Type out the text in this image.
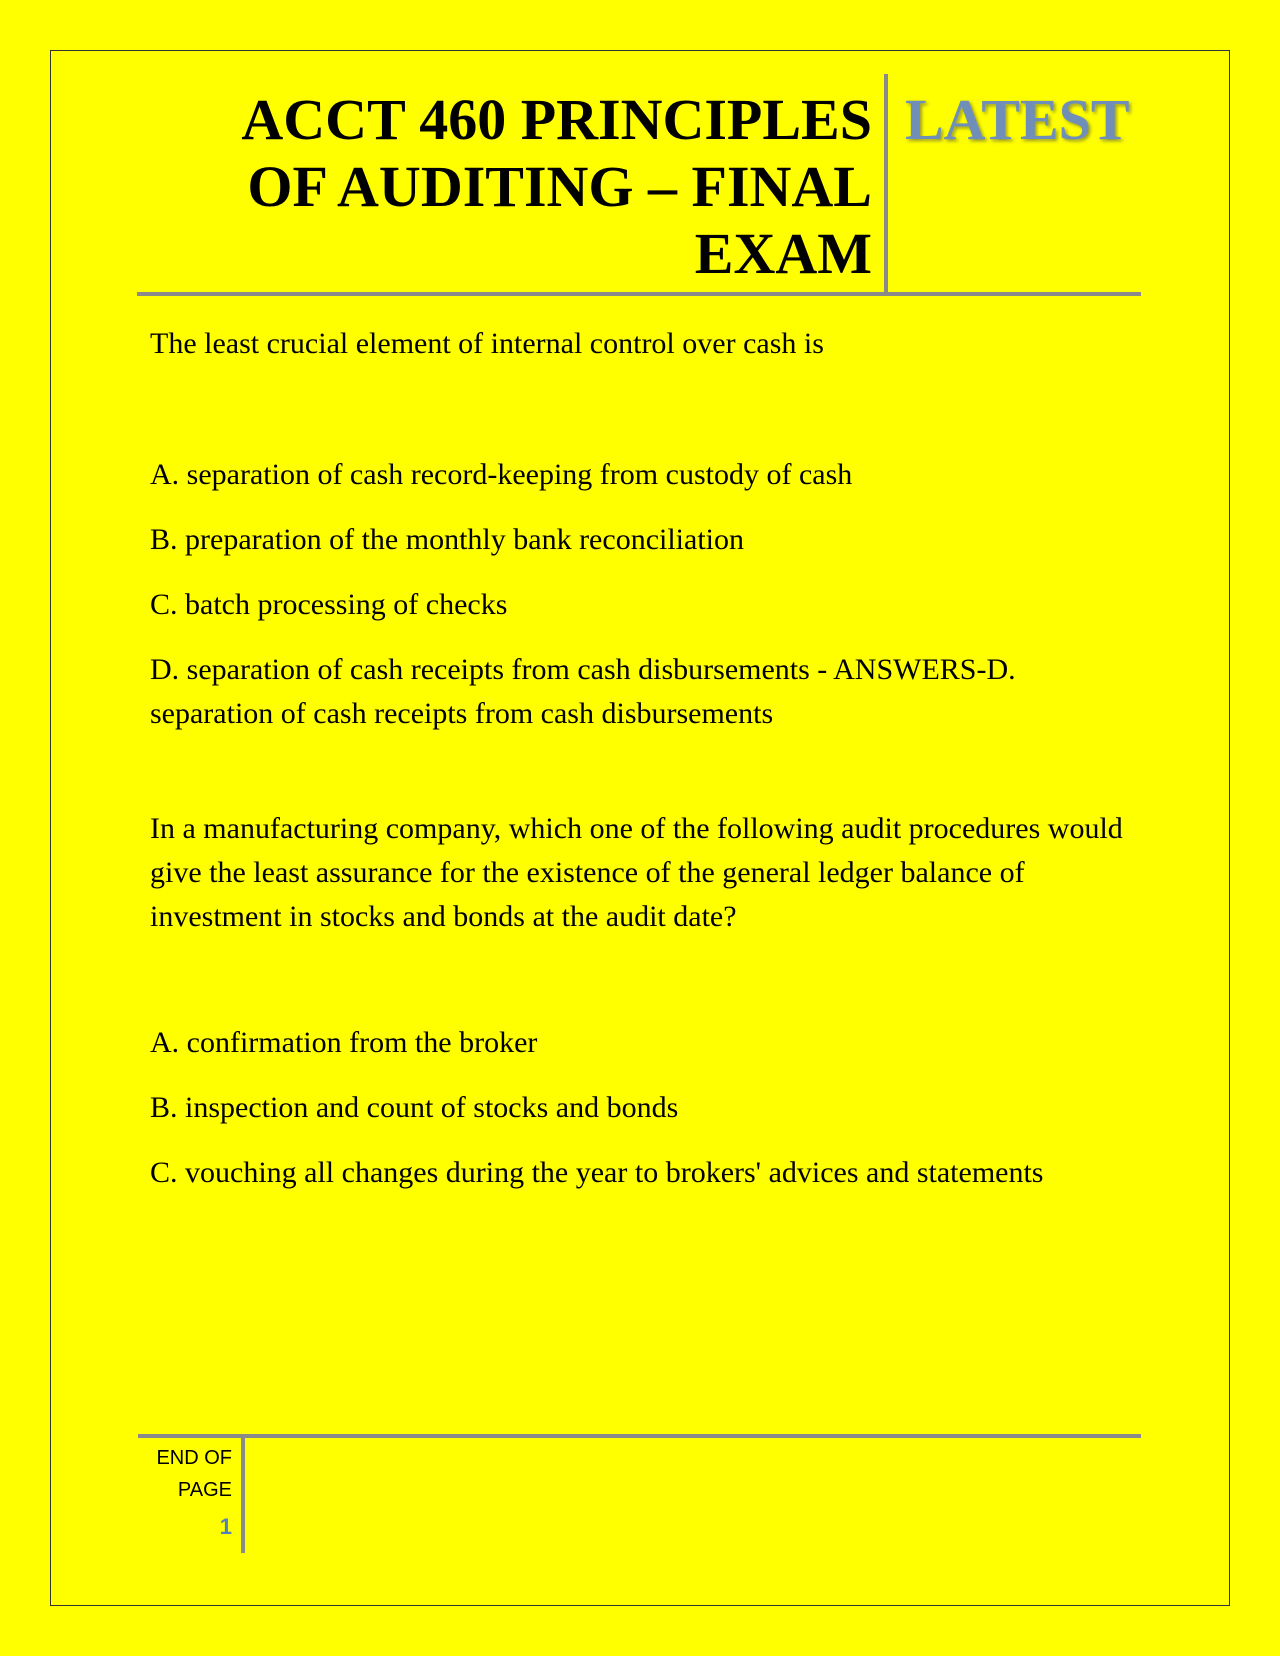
ACCT 460 PRINCIPLES
OF AUDITING – FINAL
EXAM
LATEST

The least crucial element of internal control over cash is

A. separation of cash record-keeping from custody of cash

B. preparation of the monthly bank reconciliation

C. batch processing of checks

D. separation of cash receipts from cash disbursements - ANSWERS-D. separation of cash receipts from cash disbursements

In a manufacturing company, which one of the following audit procedures would give the least assurance for the existence of the general ledger balance of investment in stocks and bonds at the audit date?

A. confirmation from the broker

B. inspection and count of stocks and bonds

C. vouching all changes during the year to brokers' advices and statements

END OF
PAGE
1
